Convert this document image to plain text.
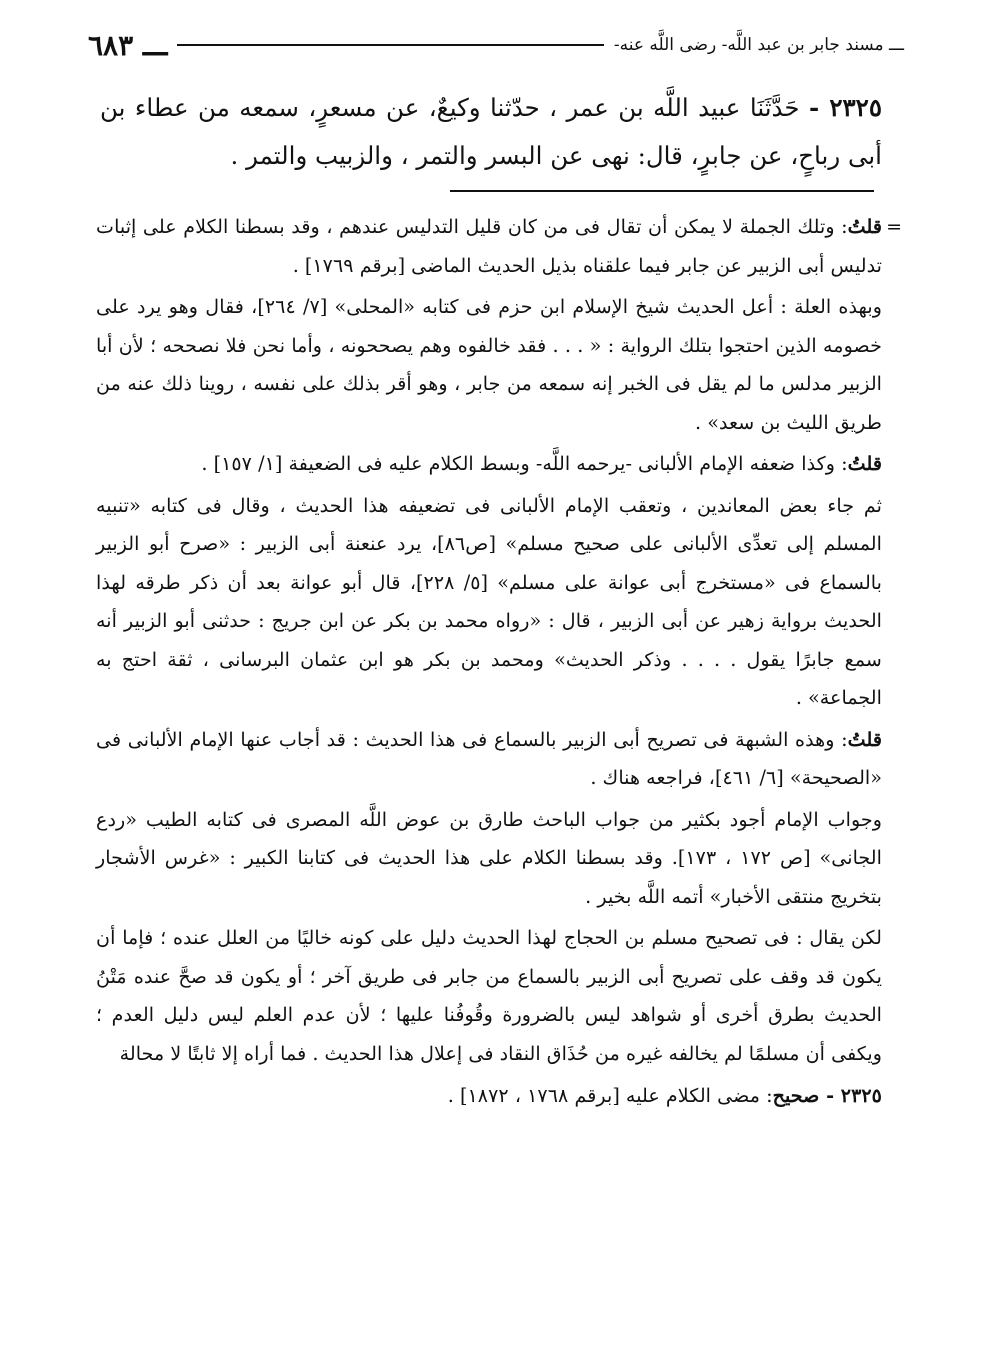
ـــ مسند جابر بن عبد اللَّه- رضى اللَّه عنه-
ـــ ٦٨٣
٢٣٢٥ - حَدَّثَنَا عبيد اللَّه بن عمر ، حدّثنا وكيعٌ، عن مسعرٍ، سمعه من عطاء بن أبى رباحٍ، عن جابرٍ، قال: نهى عن البسر والتمر ، والزبيب والتمر .
=

قلتُ: وتلك الجملة لا يمكن أن تقال فى من كان قليل التدليس عندهم ، وقد بسطنا الكلام على إثبات تدليس أبى الزبير عن جابر فيما علقناه بذيل الحديث الماضى [برقم ١٧٦٩] .

وبهذه العلة : أعل الحديث شيخ الإسلام ابن حزم فى كتابه «المحلى» [٧/ ٢٦٤]، فقال وهو يرد على خصومه الذين احتجوا بتلك الرواية : « . . . فقد خالفوه وهم يصححونه ، وأما نحن فلا نصححه ؛ لأن أبا الزبير مدلس ما لم يقل فى الخبر إنه سمعه من جابر ، وهو أقر بذلك على نفسه ، روينا ذلك عنه من طريق الليث بن سعد» .

قلتُ: وكذا ضعفه الإمام الألبانى -يرحمه اللَّه- وبسط الكلام عليه فى الضعيفة [١/ ١٥٧] .

ثم جاء بعض المعاندين ، وتعقب الإمام الألبانى فى تضعيفه هذا الحديث ، وقال فى كتابه «تنبيه المسلم إلى تعدِّى الألبانى على صحيح مسلم» [ص٨٦]، يرد عنعنة أبى الزبير : «صرح أبو الزبير بالسماع فى «مستخرج أبى عوانة على مسلم» [٥/ ٢٢٨]، قال أبو عوانة بعد أن ذكر طرقه لهذا الحديث برواية زهير عن أبى الزبير ، قال : «رواه محمد بن بكر عن ابن جريج : حدثنى أبو الزبير أنه سمع جابرًا يقول . . . . وذكر الحديث» ومحمد بن بكر هو ابن عثمان البرسانى ، ثقة احتج به الجماعة» .

قلتُ: وهذه الشبهة فى تصريح أبى الزبير بالسماع فى هذا الحديث : قد أجاب عنها الإمام الألبانى فى «الصحيحة» [٦/ ٤٦١]، فراجعه هناك .

وجواب الإمام أجود بكثير من جواب الباحث طارق بن عوض اللَّه المصرى فى كتابه الطيب «ردع الجانى» [ص ١٧٢ ، ١٧٣]. وقد بسطنا الكلام على هذا الحديث فى كتابنا الكبير : «غرس الأشجار بتخريج منتقى الأخبار» أتمه اللَّه بخير .

لكن يقال : فى تصحيح مسلم بن الحجاج لهذا الحديث دليل على كونه خاليًا من العلل عنده ؛ فإما أن يكون قد وقف على تصريح أبى الزبير بالسماع من جابر فى طريق آخر ؛ أو يكون قد صحَّ عنده مَتْنُ الحديث بطرق أخرى أو شواهد ليس بالضرورة وقُوفُنا عليها ؛ لأن عدم العلم ليس دليل العدم ؛ ويكفى أن مسلمًا لم يخالفه غيره من حُذَاق النقاد فى إعلال هذا الحديث . فما أراه إلا ثابتًا لا محالة

٢٣٢٥ - صحيح: مضى الكلام عليه [برقم ١٧٦٨ ، ١٨٧٢] .
